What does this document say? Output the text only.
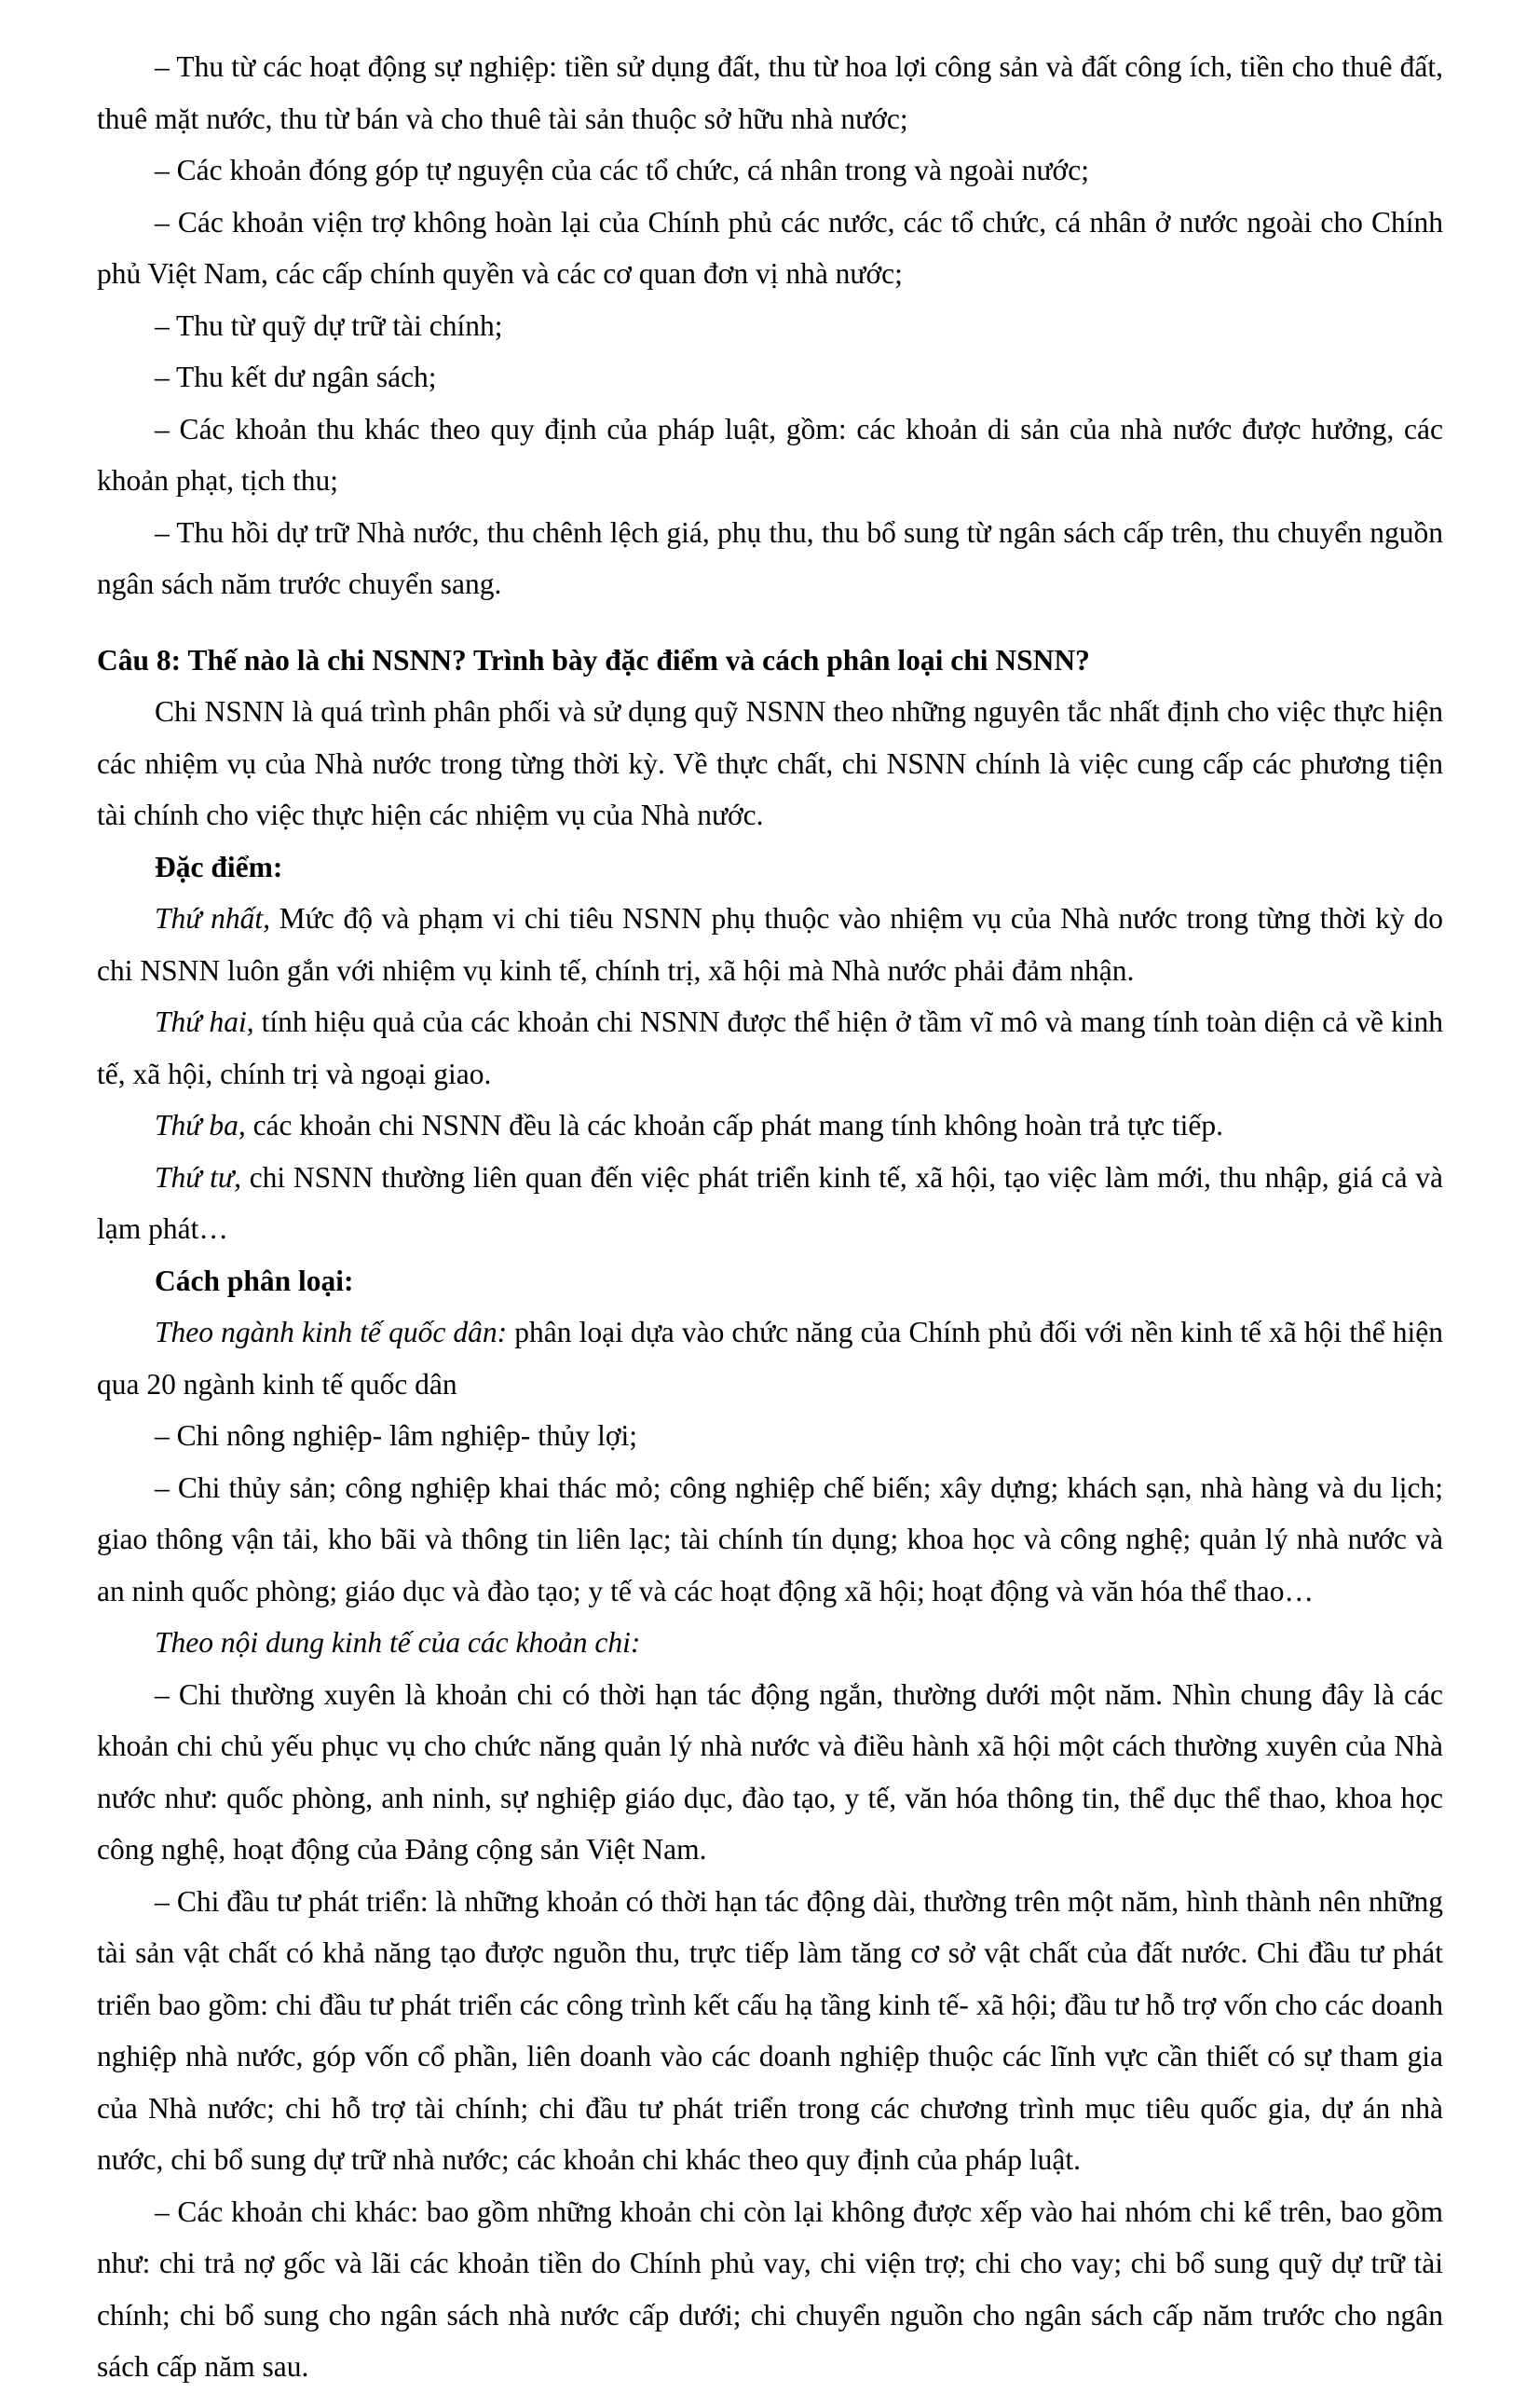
– Thu từ các hoạt động sự nghiệp: tiền sử dụng đất, thu từ hoa lợi công sản và đất công ích, tiền cho thuê đất, thuê mặt nước, thu từ bán và cho thuê tài sản thuộc sở hữu nhà nước;

– Các khoản đóng góp tự nguyện của các tổ chức, cá nhân trong và ngoài nước;

– Các khoản viện trợ không hoàn lại của Chính phủ các nước, các tổ chức, cá nhân ở nước ngoài cho Chính phủ Việt Nam, các cấp chính quyền và các cơ quan đơn vị nhà nước;

– Thu từ quỹ dự trữ tài chính;

– Thu kết dư ngân sách;

– Các khoản thu khác theo quy định của pháp luật, gồm: các khoản di sản của nhà nước được hưởng, các khoản phạt, tịch thu;

– Thu hồi dự trữ Nhà nước, thu chênh lệch giá, phụ thu, thu bổ sung từ ngân sách cấp trên, thu chuyển nguồn ngân sách năm trước chuyển sang.

Câu 8: Thế nào là chi NSNN? Trình bày đặc điểm và cách phân loại chi NSNN?

Chi NSNN là quá trình phân phối và sử dụng quỹ NSNN theo những nguyên tắc nhất định cho việc thực hiện các nhiệm vụ của Nhà nước trong từng thời kỳ. Về thực chất, chi NSNN chính là việc cung cấp các phương tiện tài chính cho việc thực hiện các nhiệm vụ của Nhà nước.

Đặc điểm:

Thứ nhất, Mức độ và phạm vi chi tiêu NSNN phụ thuộc vào nhiệm vụ của Nhà nước trong từng thời kỳ do chi NSNN luôn gắn với nhiệm vụ kinh tế, chính trị, xã hội mà Nhà nước phải đảm nhận.

Thứ hai, tính hiệu quả của các khoản chi NSNN được thể hiện ở tầm vĩ mô và mang tính toàn diện cả về kinh tế, xã hội, chính trị và ngoại giao.

Thứ ba, các khoản chi NSNN đều là các khoản cấp phát mang tính không hoàn trả tực tiếp.

Thứ tư, chi NSNN thường liên quan đến việc phát triển kinh tế, xã hội, tạo việc làm mới, thu nhập, giá cả và lạm phát…

Cách phân loại:

Theo ngành kinh tế quốc dân: phân loại dựa vào chức năng của Chính phủ đối với nền kinh tế xã hội thể hiện qua 20 ngành kinh tế quốc dân

– Chi nông nghiệp- lâm nghiệp- thủy lợi;

– Chi thủy sản; công nghiệp khai thác mỏ; công nghiệp chế biến; xây dựng; khách sạn, nhà hàng và du lịch; giao thông vận tải, kho bãi và thông tin liên lạc; tài chính tín dụng; khoa học và công nghệ; quản lý nhà nước và an ninh quốc phòng; giáo dục và đào tạo; y tế và các hoạt động xã hội; hoạt động và văn hóa thể thao…

Theo nội dung kinh tế của các khoản chi:

– Chi thường xuyên là khoản chi có thời hạn tác động ngắn, thường dưới một năm. Nhìn chung đây là các khoản chi chủ yếu phục vụ cho chức năng quản lý nhà nước và điều hành xã hội một cách thường xuyên của Nhà nước như: quốc phòng, anh ninh, sự nghiệp giáo dục, đào tạo, y tế, văn hóa thông tin, thể dục thể thao, khoa học công nghệ, hoạt động của Đảng cộng sản Việt Nam.

– Chi đầu tư phát triển: là những khoản có thời hạn tác động dài, thường trên một năm, hình thành nên những tài sản vật chất có khả năng tạo được nguồn thu, trực tiếp làm tăng cơ sở vật chất của đất nước. Chi đầu tư phát triển bao gồm: chi đầu tư phát triển các công trình kết cấu hạ tầng kinh tế- xã hội; đầu tư hỗ trợ vốn cho các doanh nghiệp nhà nước, góp vốn cổ phần, liên doanh vào các doanh nghiệp thuộc các lĩnh vực cần thiết có sự tham gia của Nhà nước; chi hỗ trợ tài chính; chi đầu tư phát triển trong các chương trình mục tiêu quốc gia, dự án nhà nước, chi bổ sung dự trữ nhà nước; các khoản chi khác theo quy định của pháp luật.

– Các khoản chi khác: bao gồm những khoản chi còn lại không được xếp vào hai nhóm chi kể trên, bao gồm như: chi trả nợ gốc và lãi các khoản tiền do Chính phủ vay, chi viện trợ; chi cho vay; chi bổ sung quỹ dự trữ tài chính; chi bổ sung cho ngân sách nhà nước cấp dưới; chi chuyển nguồn cho ngân sách cấp năm trước cho ngân sách cấp năm sau.
